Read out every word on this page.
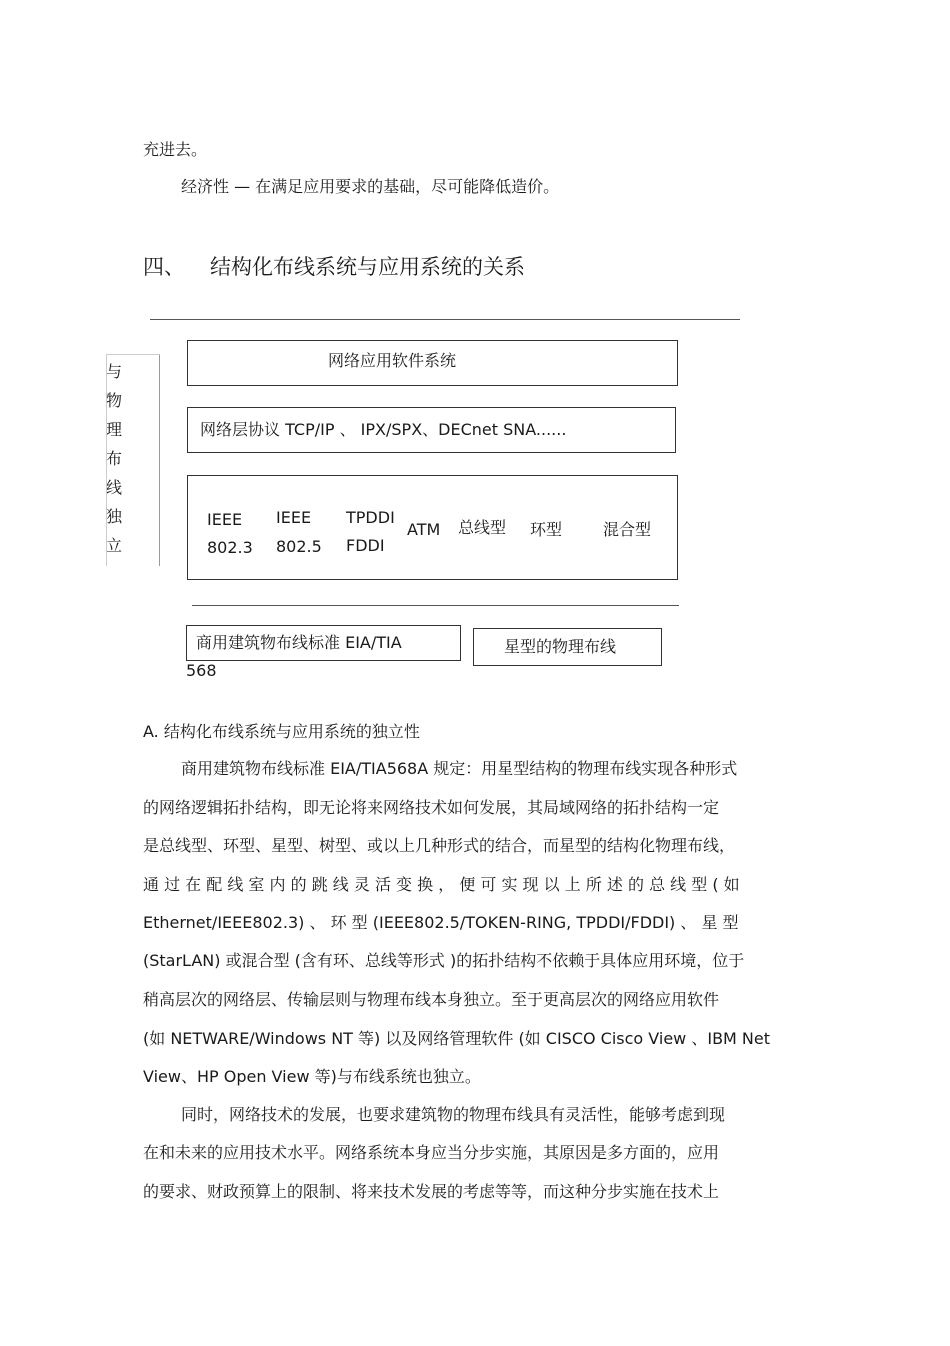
充进去。
经济性 — 在满足应用要求的基础，尽可能降低造价。
四、 结构化布线系统与应用系统的关系
与
物
理
布
线
独
立
网络应用软件系统
网络层协议 TCP/IP 、 IPX/SPX、DECnet SNA......
IEEE
802.3
IEEE
802.5
TPDDI
FDDI
ATM 总线型 环型	混合型
商用建筑物布线标准 EIA/TIA
568
星型的物理布线
A. 结构化布线系统与应用系统的独立性
商用建筑物布线标准 EIA/TIA568A 规定：用星型结构的物理布线实现各种形式
的网络逻辑拓扑结构，即无论将来网络技术如何发展，其局域网络的拓扑结构一定
是总线型、环型、星型、树型、或以上几种形式的结合，而星型的结构化物理布线，
通 过 在 配 线 室 内 的 跳 线 灵 活 变 换 ， 便 可 实 现 以 上 所 述 的 总 线 型 ( 如
Ethernet/IEEE802.3) 、 环 型 (IEEE802.5/TOKEN-RING, TPDDI/FDDI) 、 星 型
(StarLAN) 或混合型 (含有环、总线等形式 )的拓扑结构不依赖于具体应用环境，位于
稍高层次的网络层、传输层则与物理布线本身独立。至于更高层次的网络应用软件
(如 NETWARE/Windows NT 等) 以及网络管理软件 (如 CISCO Cisco View 、IBM Net
View、HP Open View 等)与布线系统也独立。
同时，网络技术的发展，也要求建筑物的物理布线具有灵活性，能够考虑到现
在和未来的应用技术水平。网络系统本身应当分步实施，其原因是多方面的，应用
的要求、财政预算上的限制、将来技术发展的考虑等等，而这种分步实施在技术上
